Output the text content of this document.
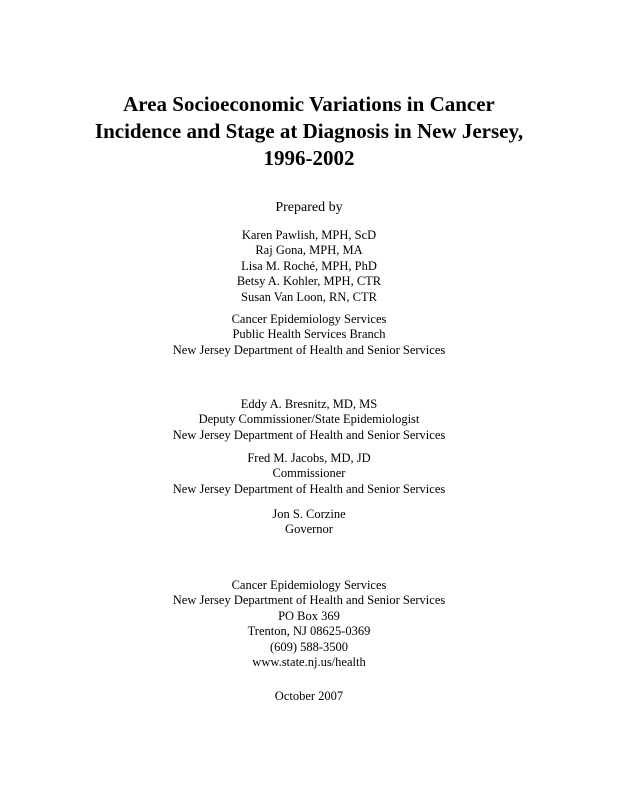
Area Socioeconomic Variations in Cancer
Incidence and Stage at Diagnosis in New Jersey,
1996-2002
Prepared by
Karen Pawlish, MPH, ScD
Raj Gona, MPH, MA
Lisa M. Roché, MPH, PhD
Betsy A. Kohler, MPH, CTR
Susan Van Loon, RN, CTR
Cancer Epidemiology Services
Public Health Services Branch
New Jersey Department of Health and Senior Services
Eddy A. Bresnitz, MD, MS
Deputy Commissioner/State Epidemiologist
New Jersey Department of Health and Senior Services
Fred M. Jacobs, MD, JD
Commissioner
New Jersey Department of Health and Senior Services
Jon S. Corzine
Governor
Cancer Epidemiology Services
New Jersey Department of Health and Senior Services
PO Box 369
Trenton, NJ 08625-0369
(609) 588-3500
www.state.nj.us/health
October 2007
